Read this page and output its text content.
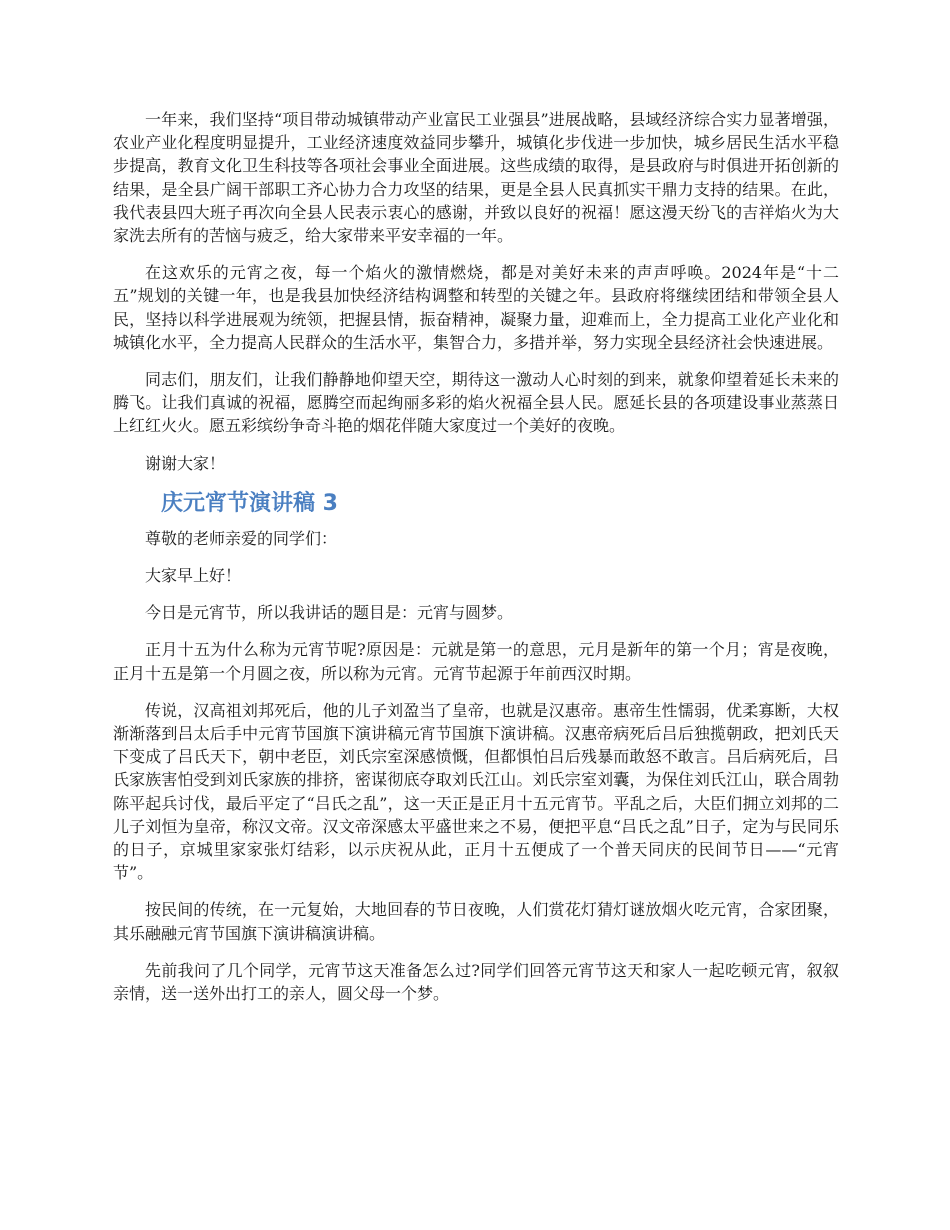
一年来，我们坚持“项目带动城镇带动产业富民工业强县”进展战略，县域经济综合实力显著增强，农业产业化程度明显提升，工业经济速度效益同步攀升，城镇化步伐进一步加快，城乡居民生活水平稳步提高，教育文化卫生科技等各项社会事业全面进展。这些成绩的取得，是县政府与时俱进开拓创新的结果，是全县广阔干部职工齐心协力合力攻坚的结果，更是全县人民真抓实干鼎力支持的结果。在此，我代表县四大班子再次向全县人民表示衷心的感谢，并致以良好的祝福！愿这漫天纷飞的吉祥焰火为大家洗去所有的苦恼与疲乏，给大家带来平安幸福的一年。

在这欢乐的元宵之夜，每一个焰火的激情燃烧，都是对美好未来的声声呼唤。2024年是“十二五”规划的关键一年，也是我县加快经济结构调整和转型的关键之年。县政府将继续团结和带领全县人民，坚持以科学进展观为统领，把握县情，振奋精神，凝聚力量，迎难而上，全力提高工业化产业化和城镇化水平，全力提高人民群众的生活水平，集智合力，多措并举，努力实现全县经济社会快速进展。

同志们，朋友们，让我们静静地仰望天空，期待这一激动人心时刻的到来，就象仰望着延长未来的腾飞。让我们真诚的祝福，愿腾空而起绚丽多彩的焰火祝福全县人民。愿延长县的各项建设事业蒸蒸日上红红火火。愿五彩缤纷争奇斗艳的烟花伴随大家度过一个美好的夜晚。

谢谢大家！

庆元宵节演讲稿 3

尊敬的老师亲爱的同学们：

大家早上好！

今日是元宵节，所以我讲话的题目是：元宵与圆梦。

正月十五为什么称为元宵节呢?原因是：元就是第一的意思，元月是新年的第一个月；宵是夜晚，正月十五是第一个月圆之夜，所以称为元宵。元宵节起源于年前西汉时期。

传说，汉高祖刘邦死后，他的儿子刘盈当了皇帝，也就是汉惠帝。惠帝生性懦弱，优柔寡断，大权渐渐落到吕太后手中元宵节国旗下演讲稿元宵节国旗下演讲稿。汉惠帝病死后吕后独揽朝政，把刘氏天下变成了吕氏天下，朝中老臣，刘氏宗室深感愤慨，但都惧怕吕后残暴而敢怒不敢言。吕后病死后，吕氏家族害怕受到刘氏家族的排挤，密谋彻底夺取刘氏江山。刘氏宗室刘囊，为保住刘氏江山，联合周勃陈平起兵讨伐，最后平定了“吕氏之乱”，这一天正是正月十五元宵节。平乱之后，大臣们拥立刘邦的二儿子刘恒为皇帝，称汉文帝。汉文帝深感太平盛世来之不易，便把平息“吕氏之乱”日子，定为与民同乐的日子，京城里家家张灯结彩，以示庆祝从此，正月十五便成了一个普天同庆的民间节日——“元宵节”。

按民间的传统，在一元复始，大地回春的节日夜晚，人们赏花灯猜灯谜放烟火吃元宵，合家团聚，其乐融融元宵节国旗下演讲稿演讲稿。

先前我问了几个同学，元宵节这天准备怎么过?同学们回答元宵节这天和家人一起吃顿元宵，叙叙亲情，送一送外出打工的亲人，圆父母一个梦。
